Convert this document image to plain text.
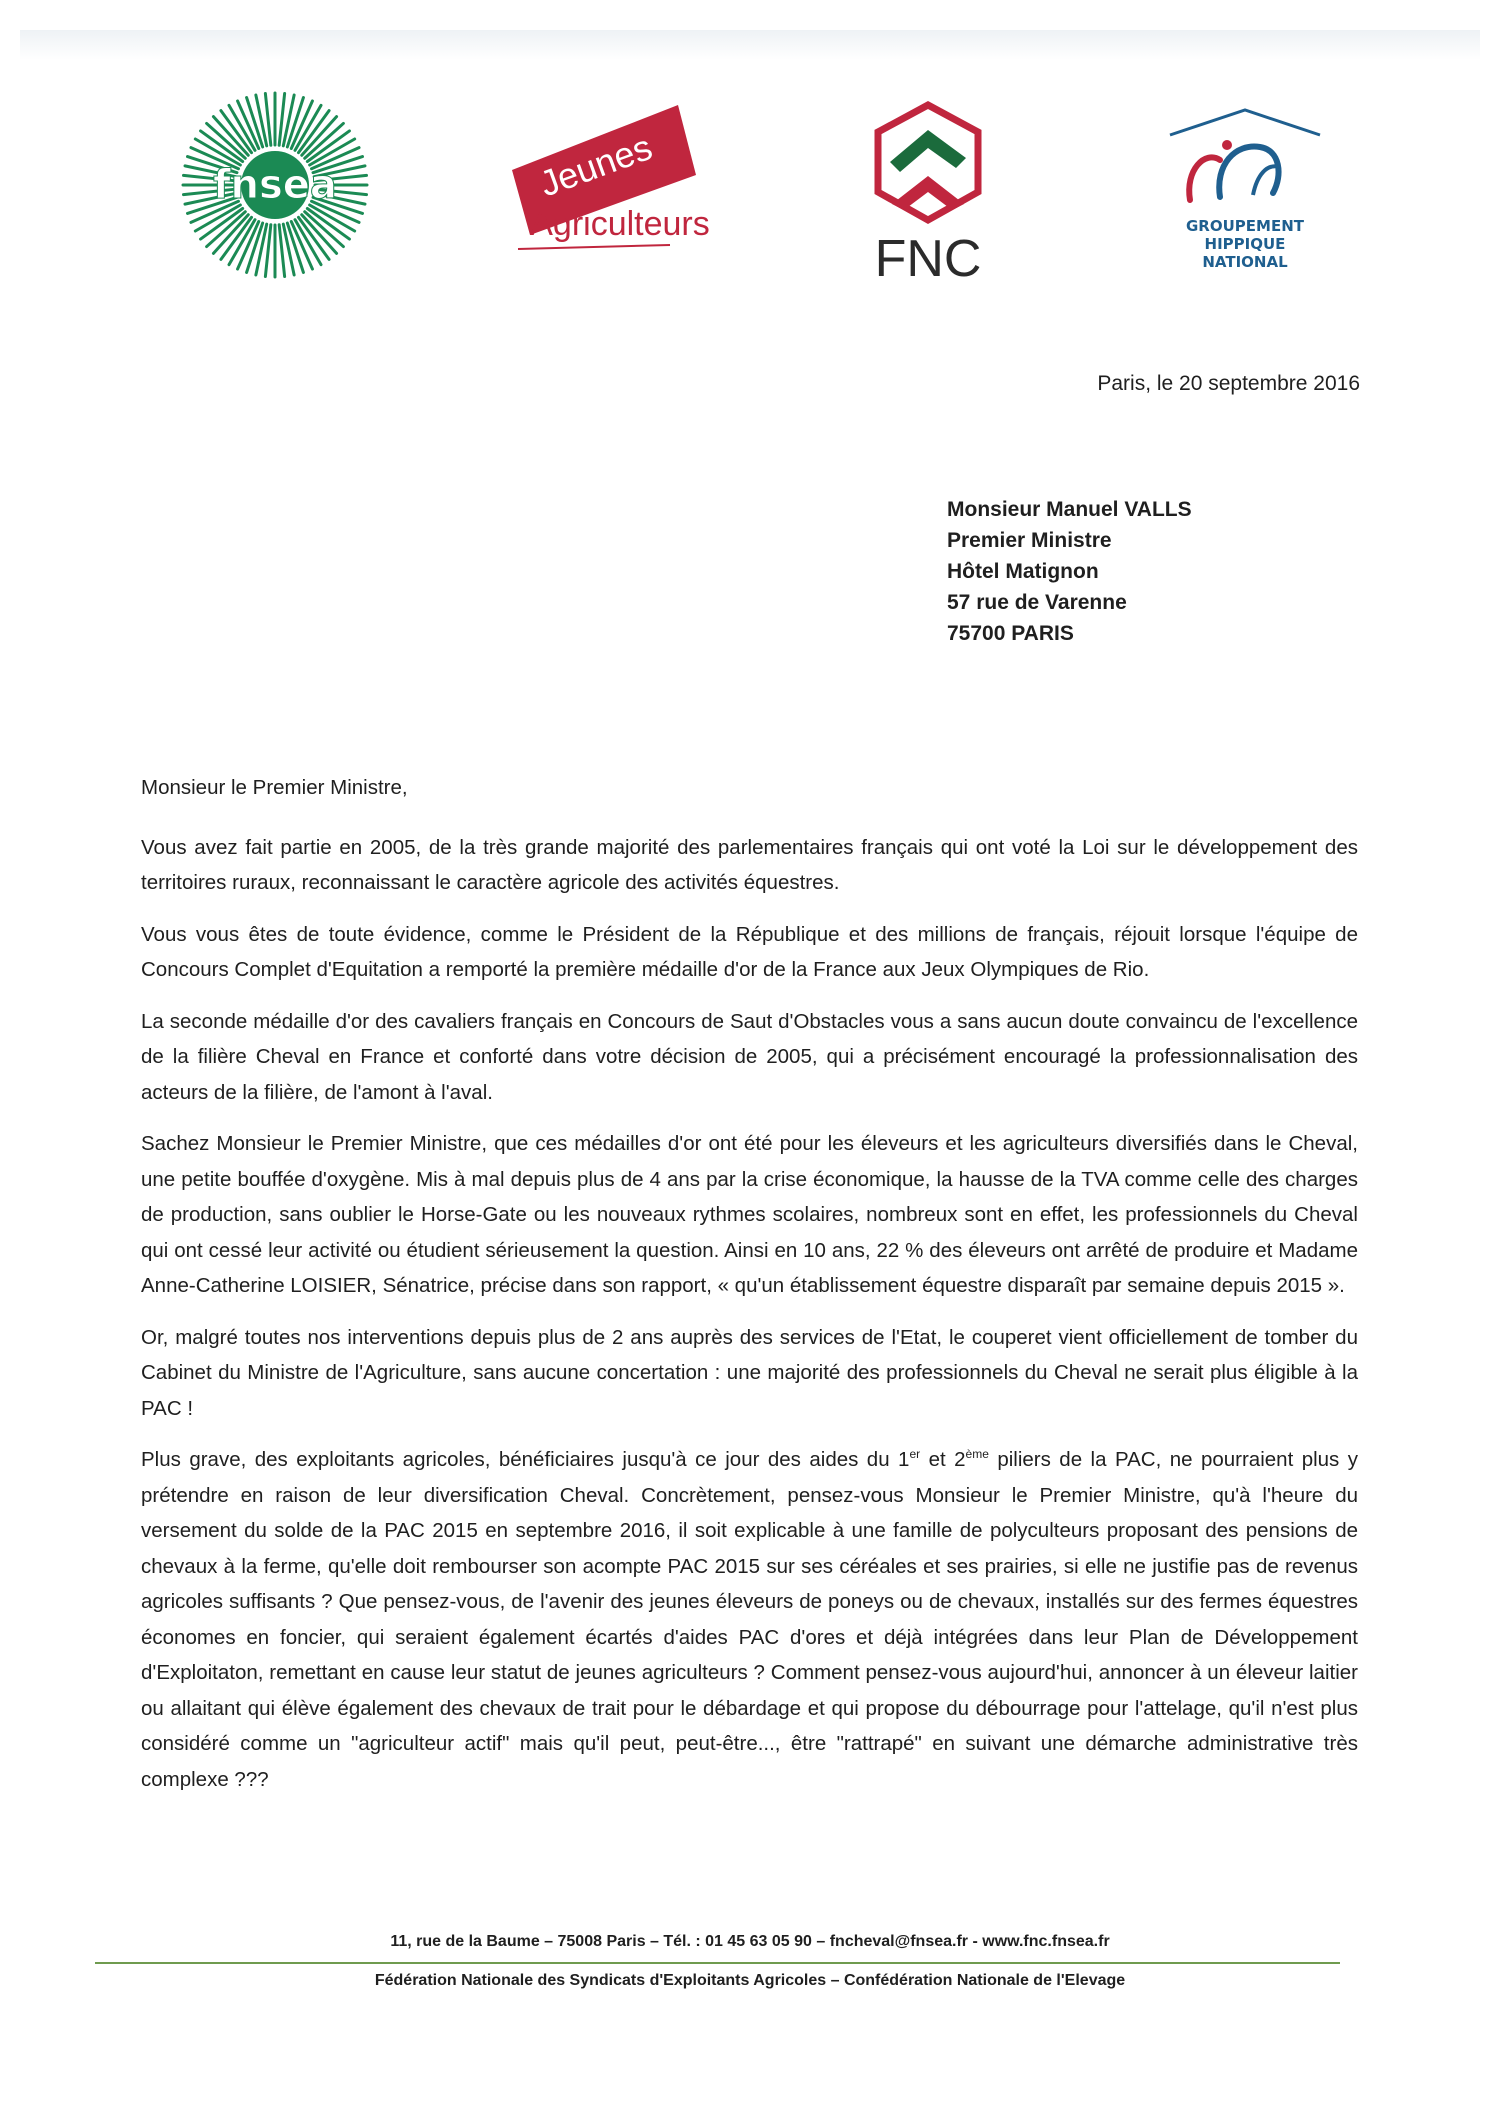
fnsea	Jeunes
Agriculteurs
FNC
GROUPEMENT
HIPPIQUE
NATIONAL
Paris, le 20 septembre 2016
Monsieur Manuel VALLS
Premier Ministre
Hôtel Matignon
57 rue de Varenne
75700 PARIS
Monsieur le Premier Ministre,

Vous avez fait partie en 2005, de la très grande majorité des parlementaires français qui ont voté la Loi sur le développement des territoires ruraux, reconnaissant le caractère agricole des activités équestres.

Vous vous êtes de toute évidence, comme le Président de la République et des millions de français, réjouit lorsque l'équipe de Concours Complet d'Equitation a remporté la première médaille d'or de la France aux Jeux Olympiques de Rio.

La seconde médaille d'or des cavaliers français en Concours de Saut d'Obstacles vous a sans aucun doute convaincu de l'excellence de la filière Cheval en France et conforté dans votre décision de 2005, qui a précisément encouragé la professionnalisation des acteurs de la filière, de l'amont à l'aval.

Sachez Monsieur le Premier Ministre, que ces médailles d'or ont été pour les éleveurs et les agriculteurs diversifiés dans le Cheval, une petite bouffée d'oxygène. Mis à mal depuis plus de 4 ans par la crise économique, la hausse de la TVA comme celle des charges de production, sans oublier le Horse-Gate ou les nouveaux rythmes scolaires, nombreux sont en effet, les professionnels du Cheval qui ont cessé leur activité ou étudient sérieusement la question. Ainsi en 10 ans, 22 % des éleveurs ont arrêté de produire et Madame Anne-Catherine LOISIER, Sénatrice, précise dans son rapport, « qu'un établissement équestre disparaît par semaine depuis 2015 ».

Or, malgré toutes nos interventions depuis plus de 2 ans auprès des services de l'Etat, le couperet vient officiellement de tomber du Cabinet du Ministre de l'Agriculture, sans aucune concertation : une majorité des professionnels du Cheval ne serait plus éligible à la PAC !

Plus grave, des exploitants agricoles, bénéficiaires jusqu'à ce jour des aides du 1er et 2ème piliers de la PAC, ne pourraient plus y prétendre en raison de leur diversification Cheval. Concrètement, pensez-vous Monsieur le Premier Ministre, qu'à l'heure du versement du solde de la PAC 2015 en septembre 2016, il soit explicable à une famille de polyculteurs proposant des pensions de chevaux à la ferme, qu'elle doit rembourser son acompte PAC 2015 sur ses céréales et ses prairies, si elle ne justifie pas de revenus agricoles suffisants ? Que pensez-vous, de l'avenir des jeunes éleveurs de poneys ou de chevaux, installés sur des fermes équestres économes en foncier, qui seraient également écartés d'aides PAC d'ores et déjà intégrées dans leur Plan de Développement d'Exploitaton, remettant en cause leur statut de jeunes agriculteurs ? Comment pensez-vous aujourd'hui, annoncer à un éleveur laitier ou allaitant qui élève également des chevaux de trait pour le débardage et qui propose du débourrage pour l'attelage, qu'il n'est plus considéré comme un "agriculteur actif" mais qu'il peut, peut-être..., être "rattrapé" en suivant une démarche administrative très complexe ???

11, rue de la Baume – 75008 Paris – Tél. : 01 45 63 05 90 – fncheval@fnsea.fr - www.fnc.fnsea.fr
Fédération Nationale des Syndicats d'Exploitants Agricoles – Confédération Nationale de l'Elevage
